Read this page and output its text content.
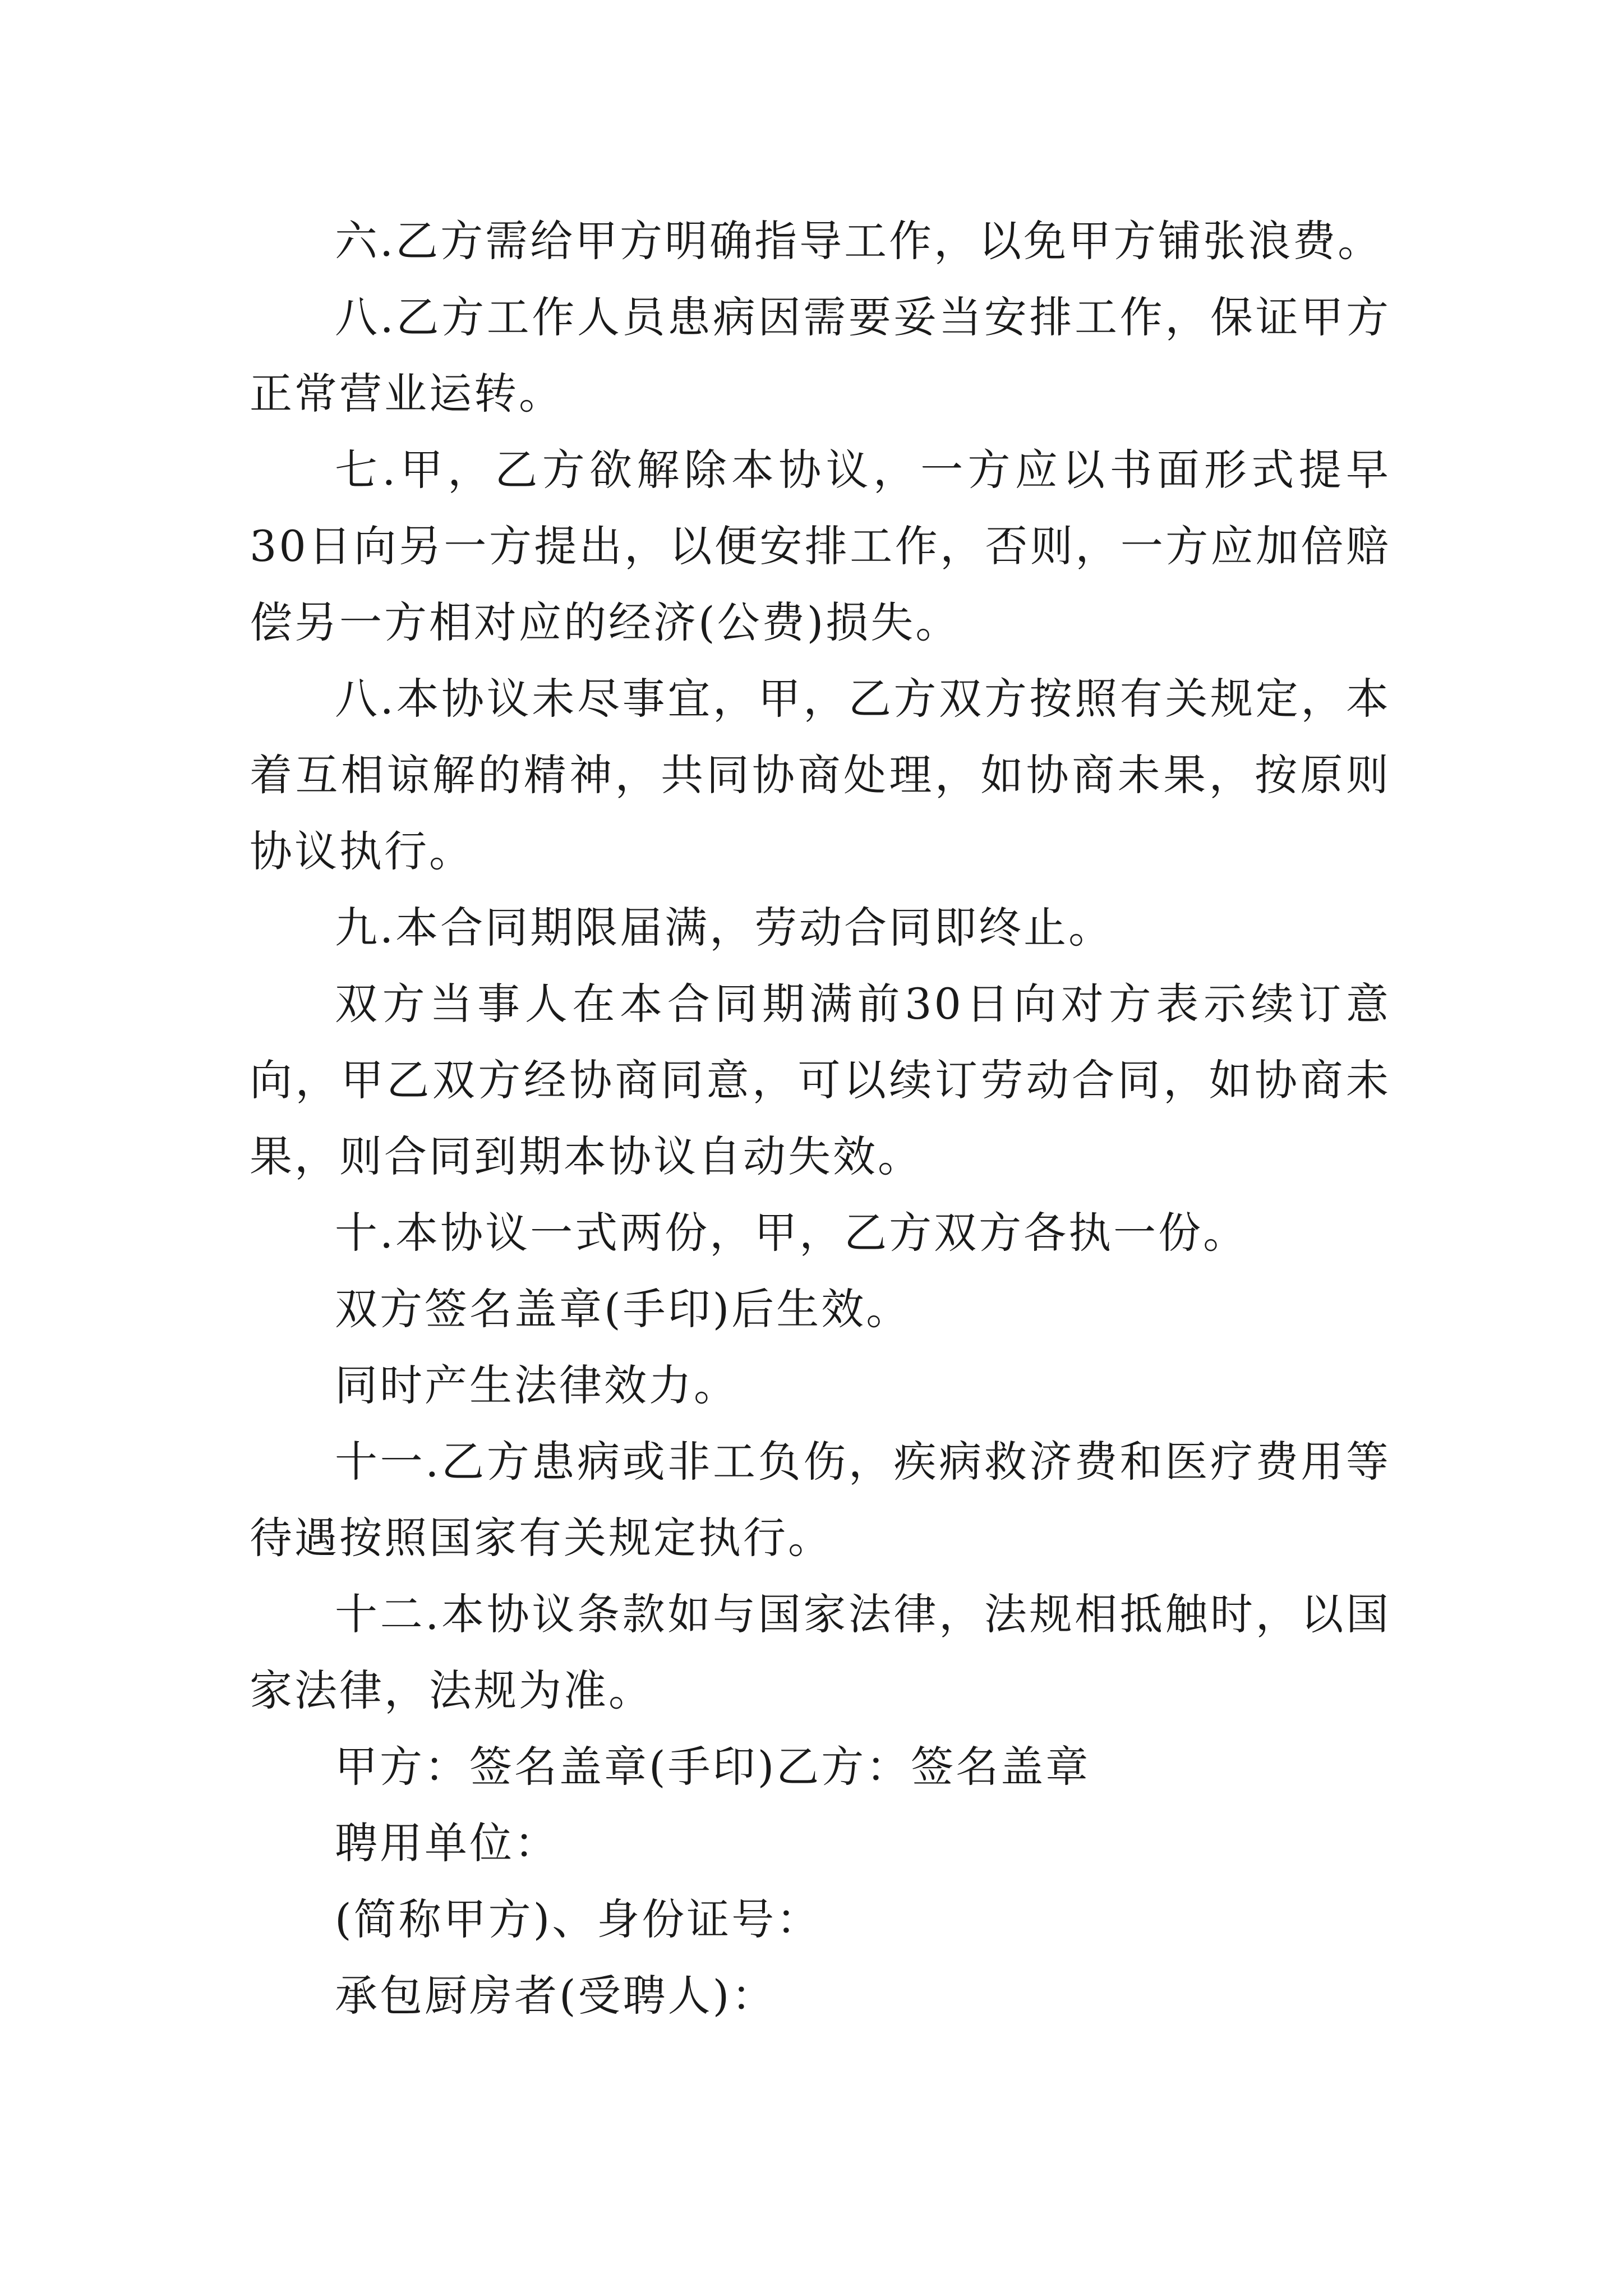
六.乙方需给甲方明确指导工作，以免甲方铺张浪费。

八.乙方工作人员患病因需要妥当安排工作，保证甲方正常营业运转。

七.甲，乙方欲解除本协议，一方应以书面形式提早30日向另一方提出，以便安排工作，否则，一方应加倍赔偿另一方相对应的经济(公费)损失。

八.本协议未尽事宜，甲，乙方双方按照有关规定，本着互相谅解的精神，共同协商处理，如协商未果，按原则协议执行。

九.本合同期限届满，劳动合同即终止。

双方当事人在本合同期满前30日向对方表示续订意向，甲乙双方经协商同意，可以续订劳动合同，如协商未果，则合同到期本协议自动失效。

十.本协议一式两份，甲，乙方双方各执一份。

双方签名盖章(手印)后生效。

同时产生法律效力。

十一.乙方患病或非工负伤，疾病救济费和医疗费用等待遇按照国家有关规定执行。

十二.本协议条款如与国家法律，法规相抵触时，以国家法律，法规为准。

甲方：签名盖章(手印)乙方：签名盖章

聘用单位：

(简称甲方)、身份证号：

承包厨房者(受聘人)：
